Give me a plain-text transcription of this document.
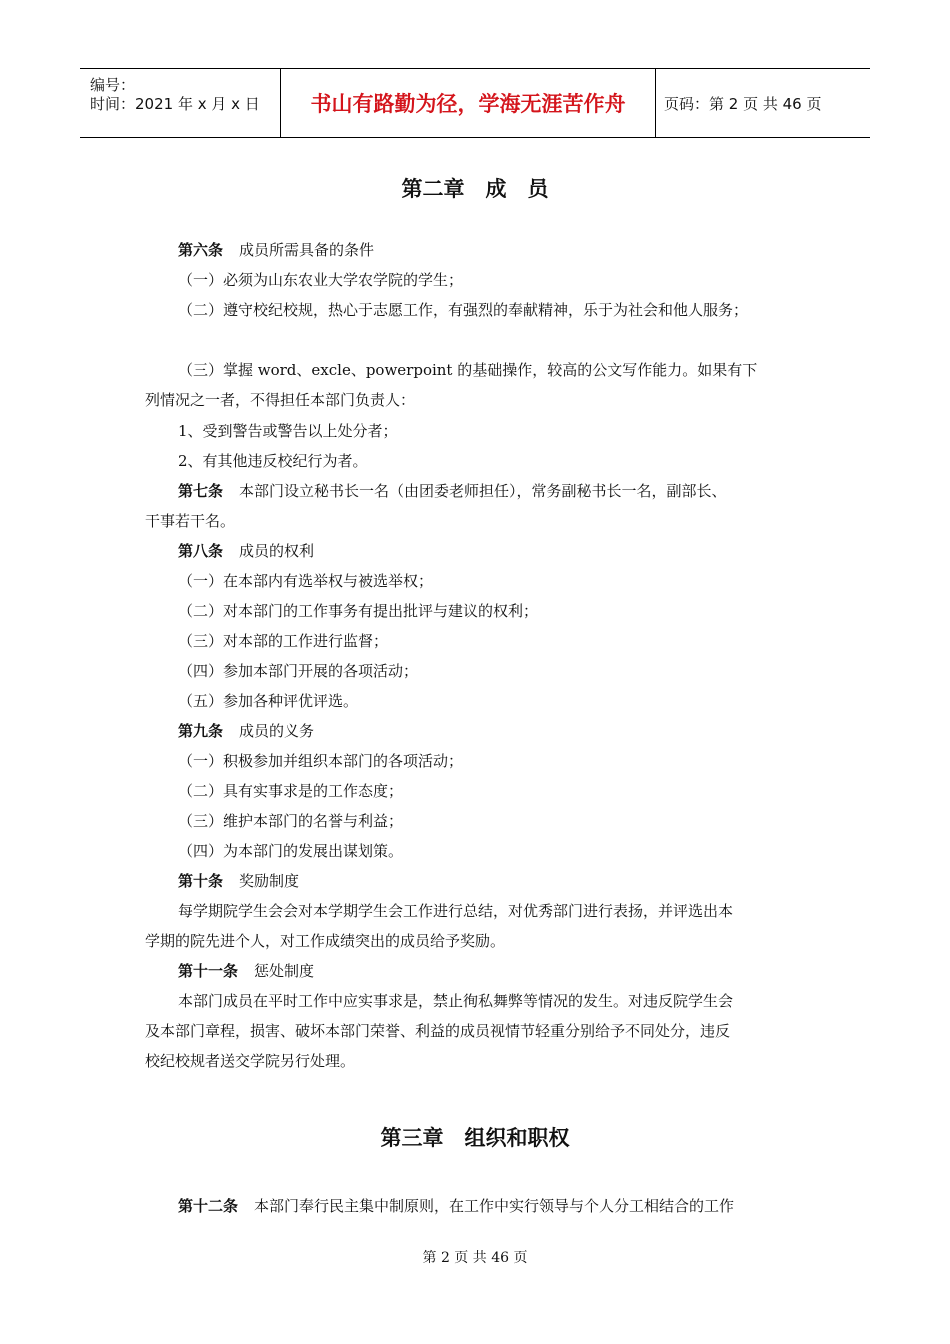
编号：
时间：2021 年 x 月 x 日	书山有路勤为径，学海无涯苦作舟	页码：第 2 页 共 46 页
第二章　成　员
第六条 成员所需具备的条件
（一）必须为山东农业大学农学院的学生；
（二）遵守校纪校规，热心于志愿工作，有强烈的奉献精神，乐于为社会和他人服务；
（三）掌握 word、excle、powerpoint 的基础操作，较高的公文写作能力。如果有下
列情况之一者，不得担任本部门负责人：
1、受到警告或警告以上处分者；
2、有其他违反校纪行为者。
第七条 本部门设立秘书长一名（由团委老师担任），常务副秘书长一名，副部长、
干事若干名。
第八条 成员的权利
（一）在本部内有选举权与被选举权；
（二）对本部门的工作事务有提出批评与建议的权利；
（三）对本部的工作进行监督；
（四）参加本部门开展的各项活动；
（五）参加各种评优评选。
第九条 成员的义务
（一）积极参加并组织本部门的各项活动；
（二）具有实事求是的工作态度；
（三）维护本部门的名誉与利益；
（四）为本部门的发展出谋划策。
第十条 奖励制度
每学期院学生会会对本学期学生会工作进行总结，对优秀部门进行表扬，并评选出本
学期的院先进个人，对工作成绩突出的成员给予奖励。
第十一条 惩处制度
本部门成员在平时工作中应实事求是，禁止徇私舞弊等情况的发生。对违反院学生会
及本部门章程，损害、破坏本部门荣誉、利益的成员视情节轻重分别给予不同处分，违反
校纪校规者送交学院另行处理。
第三章　组织和职权
第十二条 本部门奉行民主集中制原则，在工作中实行领导与个人分工相结合的工作
第 2 页 共 46 页
